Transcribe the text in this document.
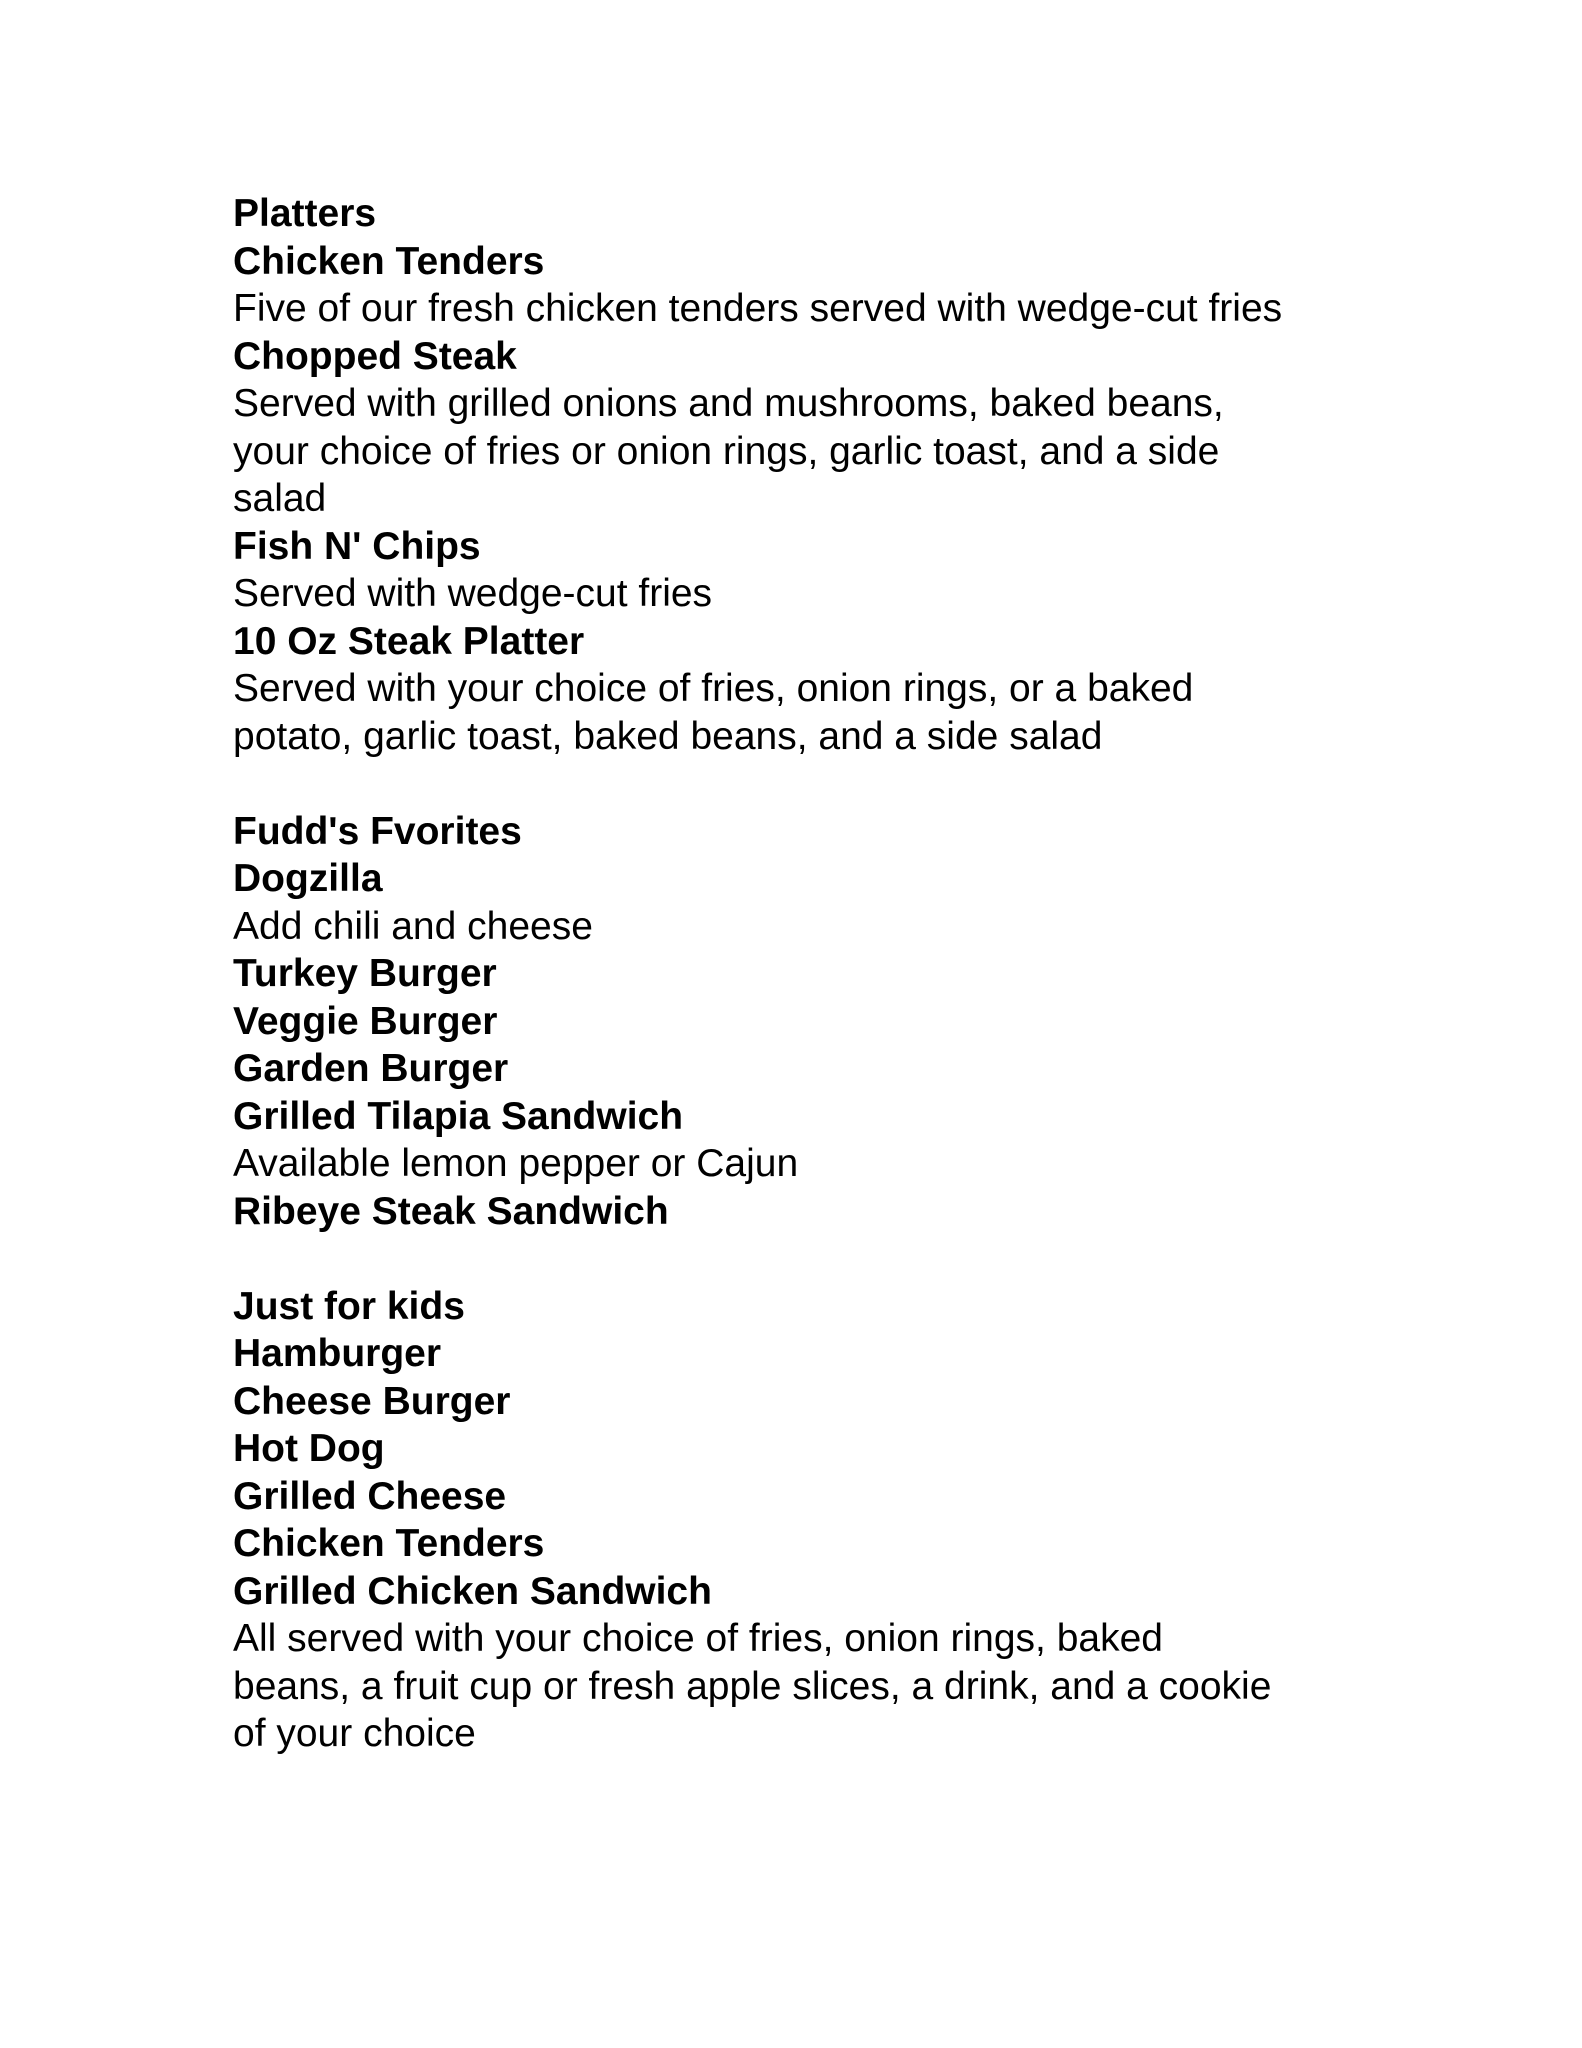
Platters
Chicken Tenders
Five of our fresh chicken tenders served with wedge-cut fries
Chopped Steak
Served with grilled onions and mushrooms, baked beans,
your choice of fries or onion rings, garlic toast, and a side
salad
Fish N' Chips
Served with wedge-cut fries
10 Oz Steak Platter
Served with your choice of fries, onion rings, or a baked
potato, garlic toast, baked beans, and a side salad
Fudd's Fvorites
Dogzilla
Add chili and cheese
Turkey Burger
Veggie Burger
Garden Burger
Grilled Tilapia Sandwich
Available lemon pepper or Cajun
Ribeye Steak Sandwich
Just for kids
Hamburger
Cheese Burger
Hot Dog
Grilled Cheese
Chicken Tenders
Grilled Chicken Sandwich
All served with your choice of fries, onion rings, baked
beans, a fruit cup or fresh apple slices, a drink, and a cookie
of your choice
